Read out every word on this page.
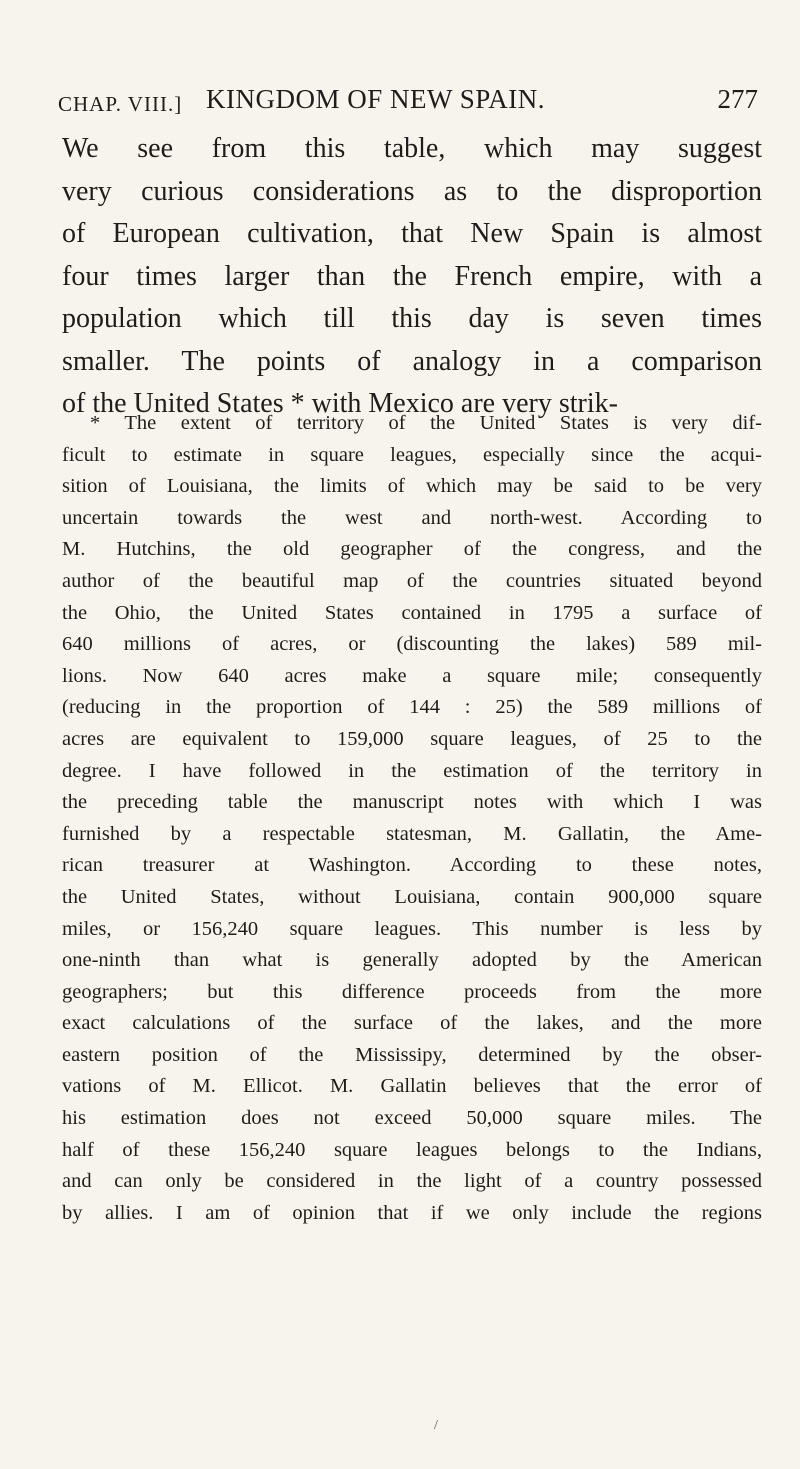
CHAP. VIII.] KINGDOM OF NEW SPAIN.	277
We see from this table, which may suggest
very curious considerations as to the disproportion
of European cultivation, that New Spain is almost
four times larger than the French empire, with a
population which till this day is seven times
smaller. The points of analogy in a comparison
of the United States * with Mexico are very strik-
* The extent of territory of the United States is very dif-
ficult to estimate in square leagues, especially since the acqui-
sition of Louisiana, the limits of which may be said to be very
uncertain towards the west and north-west. According to
M. Hutchins, the old geographer of the congress, and the
author of the beautiful map of the countries situated beyond
the Ohio, the United States contained in 1795 a surface of
640 millions of acres, or (discounting the lakes) 589 mil-
lions. Now 640 acres make a square mile; consequently
(reducing in the proportion of 144 : 25) the 589 millions of
acres are equivalent to 159,000 square leagues, of 25 to the
degree. I have followed in the estimation of the territory in
the preceding table the manuscript notes with which I was
furnished by a respectable statesman, M. Gallatin, the Ame-
rican treasurer at Washington. According to these notes,
the United States, without Louisiana, contain 900,000 square
miles, or 156,240 square leagues. This number is less by
one-ninth than what is generally adopted by the American
geographers; but this difference proceeds from the more
exact calculations of the surface of the lakes, and the more
eastern position of the Mississipy, determined by the obser-
vations of M. Ellicot. M. Gallatin believes that the error of
his estimation does not exceed 50,000 square miles. The
half of these 156,240 square leagues belongs to the Indians,
and can only be considered in the light of a country possessed
by allies. I am of opinion that if we only include the regions
/
